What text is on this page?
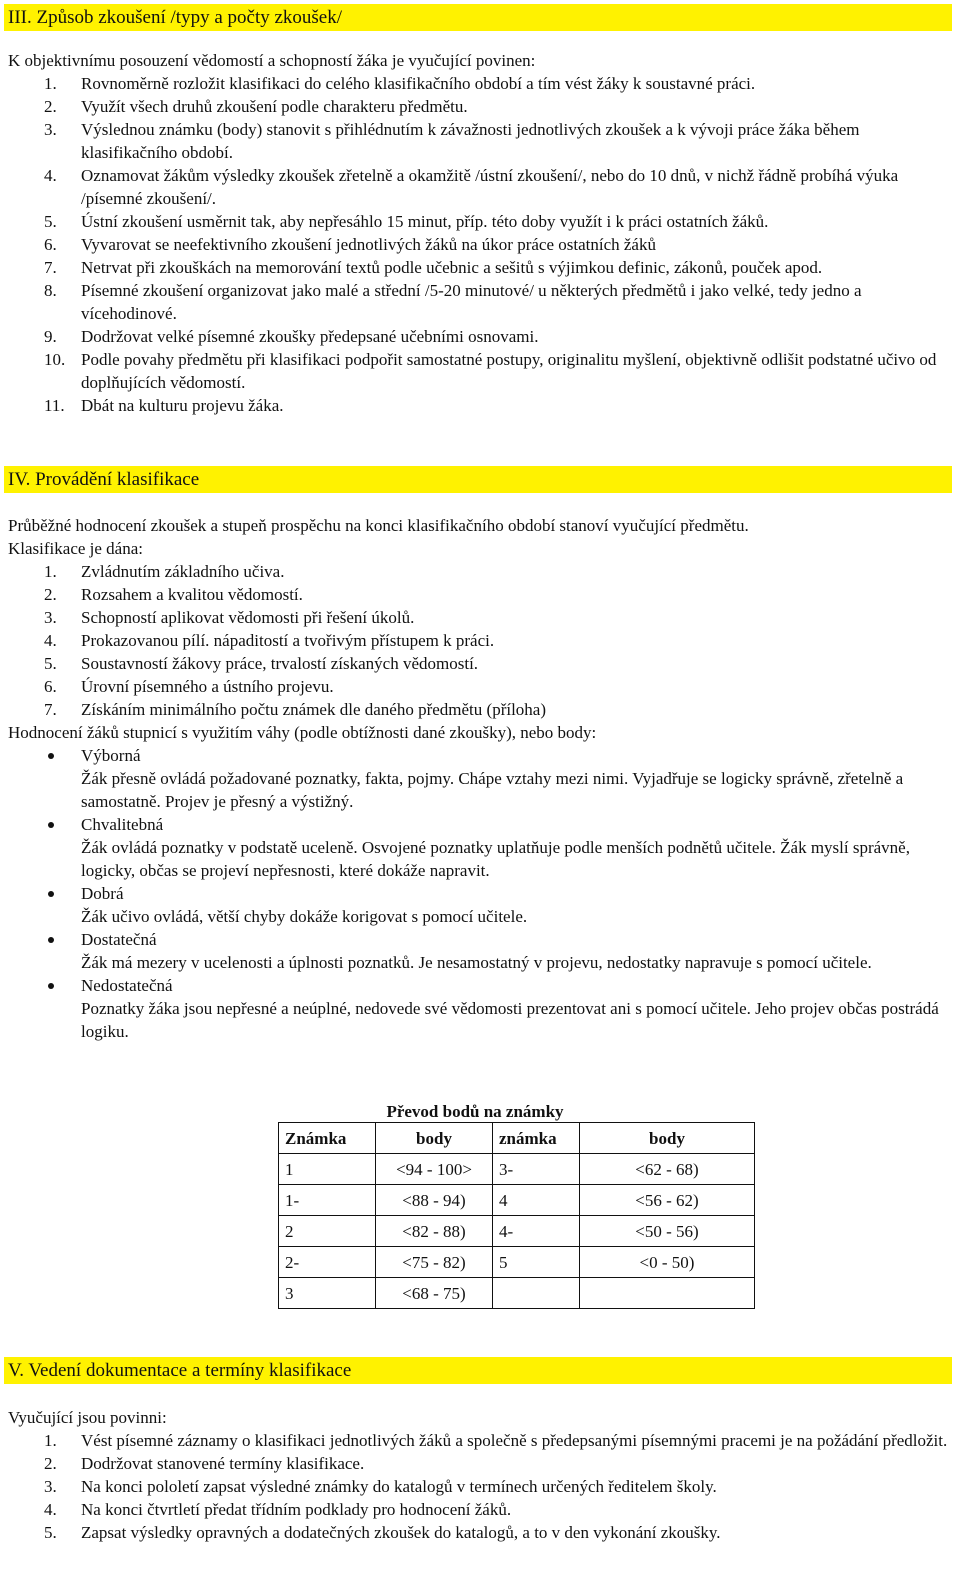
III. Způsob zkoušení /typy a počty zkoušek/

K objektivnímu posouzení vědomostí a schopností žáka je vyučující povinen:

1.	Rovnoměrně rozložit klasifikaci do celého klasifikačního období a tím vést žáky k soustavné práci.
2.	Využít všech druhů zkoušení podle charakteru předmětu.
3.	Výslednou známku (body) stanovit s přihlédnutím k závažnosti jednotlivých zkoušek a k vývoji práce žáka během klasifikačního období.
4.	Oznamovat žákům výsledky zkoušek zřetelně a okamžitě /ústní zkoušení/, nebo do 10 dnů, v nichž řádně probíhá výuka /písemné zkoušení/.
5.	Ústní zkoušení usměrnit tak, aby nepřesáhlo 15 minut, příp. této doby využít i k práci ostatních žáků.
6.	Vyvarovat se neefektivního zkoušení jednotlivých žáků na úkor práce ostatních žáků
7.	Netrvat při zkouškách na memorování textů podle učebnic a sešitů s výjimkou definic, zákonů, pouček apod.
8.	Písemné zkoušení organizovat jako malé a střední /5-20 minutové/ u některých předmětů i jako velké, tedy jedno a vícehodinové.
9.	Dodržovat velké písemné zkoušky předepsané učebními osnovami.
10. Podle povahy předmětu při klasifikaci podpořit samostatné postupy, originalitu myšlení, objektivně odlišit podstatné učivo od doplňujících vědomostí.
11. Dbát na kulturu projevu žáka.
IV. Provádění klasifikace

Průběžné hodnocení zkoušek a stupeň prospěchu na konci klasifikačního období stanoví vyučující předmětu.

Klasifikace je dána:

1.	Zvládnutím základního učiva.
2.	Rozsahem a kvalitou vědomostí.
3.	Schopností aplikovat vědomosti při řešení úkolů.
4.	Prokazovanou pílí. nápaditostí a tvořivým přístupem k práci.
5.	Soustavností žákovy práce, trvalostí získaných vědomostí.
6.	Úrovní písemného a ústního projevu.
7.	Získáním minimálního počtu známek dle daného předmětu (příloha)

Hodnocení žáků stupnicí s využitím váhy (podle obtížnosti dané zkoušky), nebo body:

Výborná
Žák přesně ovládá požadované poznatky, fakta, pojmy. Chápe vztahy mezi nimi. Vyjadřuje se logicky správně, zřetelně a samostatně. Projev je přesný a výstižný.
Chvalitebná
Žák ovládá poznatky v podstatě uceleně. Osvojené poznatky uplatňuje podle menších podnětů učitele. Žák myslí správně, logicky, občas se projeví nepřesnosti, které dokáže napravit.
Dobrá
Žák učivo ovládá, větší chyby dokáže korigovat s pomocí učitele.
Dostatečná
Žák má mezery v ucelenosti a úplnosti poznatků. Je nesamostatný v projevu, nedostatky napravuje s pomocí učitele.
Nedostatečná
Poznatky žáka jsou nepřesné a neúplné, nedovede své vědomosti prezentovat ani s pomocí učitele. Jeho projev občas postrádá logiku.
Převod bodů na známky
Známka	body	známka	body
1	<94 - 100>	3-	<62 - 68)
1-	<88 - 94)	4	<56 - 62)
2	<82 - 88)	4-	<50 - 56)
2-	<75 - 82)	5	<0 - 50)
3	<68 - 75)		
V. Vedení dokumentace a termíny klasifikace

Vyučující jsou povinni:

1.	Vést písemné záznamy o klasifikaci jednotlivých žáků a společně s předepsanými písemnými pracemi je na požádání předložit.
2.	Dodržovat stanovené termíny klasifikace.
3.	Na konci pololetí zapsat výsledné známky do katalogů v termínech určených ředitelem školy.
4.	Na konci čtvrtletí předat třídním podklady pro hodnocení žáků.
5.	Zapsat výsledky opravných a dodatečných zkoušek do katalogů, a to v den vykonání zkoušky.
